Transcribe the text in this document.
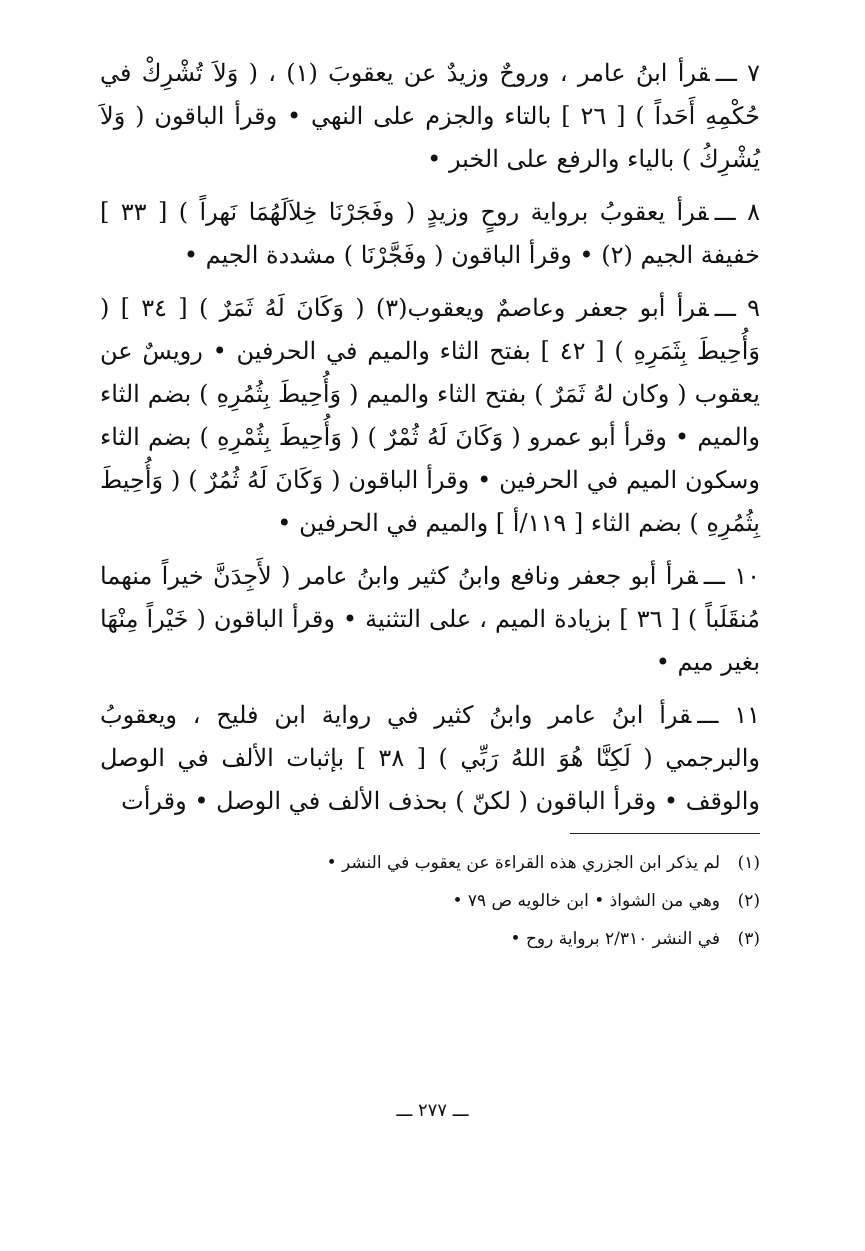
٧ ـــقرأ ابنُ عامر ، وروحٌ وزيدٌ عن يعقوبَ (١) ، ( وَلاَ تُشْرِكْ في حُكْمِهِ أَحَداً ) [ ٢٦ ] بالتاء والجزم على النهي • وقرأ الباقون ( وَلاَ يُشْرِكُ ) بالياء والرفع على الخبر •

٨ ـــقرأ يعقوبُ برواية روحٍ وزيدٍ ( وفَجَرْنَا خِلاَلَهُمَا نَهراً ) [ ٣٣ ] خفيفة الجيم (٢) • وقرأ الباقون ( وفَجَّرْنَا ) مشددة الجيم •

٩ ـــقرأ أبو جعفر وعاصمٌ ويعقوب(٣) ( وَكَانَ لَهُ ثَمَرٌ ) [ ٣٤ ] ( وَأُحِيطَ بِثَمَرِهِ ) [ ٤٢ ] بفتح الثاء والميم في الحرفين • رويسٌ عن يعقوب ( وكان لهُ ثَمَرٌ ) بفتح الثاء والميم ( وَأُحِيطَ بِثُمُرِهِ ) بضم الثاء والميم • وقرأ أبو عمرو ( وَكَانَ لَهُ ثُمْرٌ ) ( وَأُحِيطَ بِثُمْرِهِ ) بضم الثاء وسكون الميم في الحرفين • وقرأ الباقون ( وَكَانَ لَهُ ثُمُرٌ ) ( وَأُحِيطَ بِثُمُرِهِ ) بضم الثاء [ ١١٩/أ ] والميم في الحرفين •

١٠ ـــقرأ أبو جعفر ونافع وابنُ كثير وابنُ عامر ( لأَجِدَنَّ خيراً منهما مُنقَلَباً ) [ ٣٦ ] بزيادة الميم ، على التثنية • وقرأ الباقون ( خَيْراً مِنْهَا بغير ميم •

١١ ـــقرأ ابنُ عامر وابنُ كثير في رواية ابن فليح ، ويعقوبُ والبرجمي ( لَكِنَّا هُوَ اللهُ رَبِّي ) [ ٣٨ ] بإثبات الألف في الوصل والوقف • وقرأ الباقون ( لكنّ ) بحذف الألف في الوصل • وقرأت

(١)لم يذكر ابن الجزري هذه القراءة عن يعقوب في النشر •

(٢)وهي من الشواذ • ابن خالويه ص ٧٩ •

(٣)في النشر ٢/٣١٠ برواية روح •

ـــ ٢٧٧ ـــ
